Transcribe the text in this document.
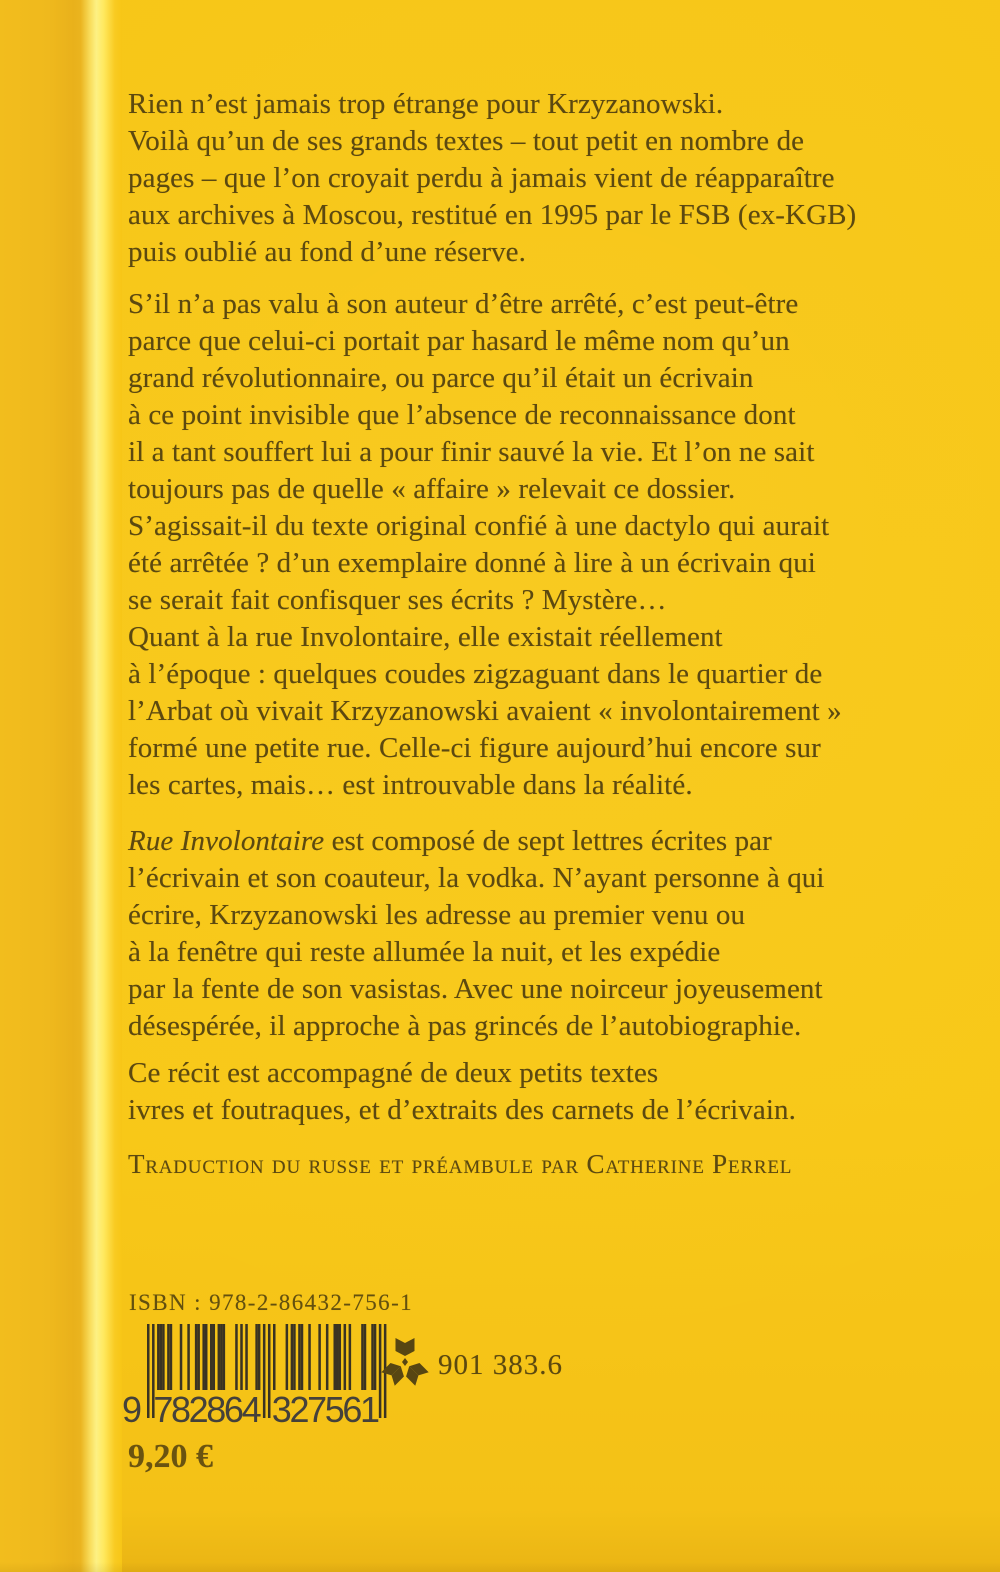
Rien n’est jamais trop étrange pour Krzyzanowski.
Voilà qu’un de ses grands textes – tout petit en nombre de
pages – que l’on croyait perdu à jamais vient de réapparaître
aux archives à Moscou, restitué en 1995 par le FSB (ex-KGB)
puis oublié au fond d’une réserve.
S’il n’a pas valu à son auteur d’être arrêté, c’est peut-être
parce que celui-ci portait par hasard le même nom qu’un
grand révolutionnaire, ou parce qu’il était un écrivain
à ce point invisible que l’absence de reconnaissance dont
il a tant souffert lui a pour finir sauvé la vie. Et l’on ne sait
toujours pas de quelle « affaire » relevait ce dossier.
S’agissait-il du texte original confié à une dactylo qui aurait
été arrêtée ? d’un exemplaire donné à lire à un écrivain qui
se serait fait confisquer ses écrits ? Mystère…
Quant à la rue Involontaire, elle existait réellement
à l’époque : quelques coudes zigzaguant dans le quartier de
l’Arbat où vivait Krzyzanowski avaient « involontairement »
formé une petite rue. Celle-ci figure aujourd’hui encore sur
les cartes, mais… est introuvable dans la réalité.
Rue Involontaire est composé de sept lettres écrites par
l’écrivain et son coauteur, la vodka. N’ayant personne à qui
écrire, Krzyzanowski les adresse au premier venu ou
à la fenêtre qui reste allumée la nuit, et les expédie
par la fente de son vasistas. Avec une noirceur joyeusement
désespérée, il approche à pas grincés de l’autobiographie.
Ce récit est accompagné de deux petits textes
ivres et foutraques, et d’extraits des carnets de l’écrivain.
Traduction du russe et préambule par Catherine Perrel
ISBN : 978-2-86432-756-1
9 7
8
2
8
6
4 3
2
7
5
6
1
901 383.6
9,20 €
